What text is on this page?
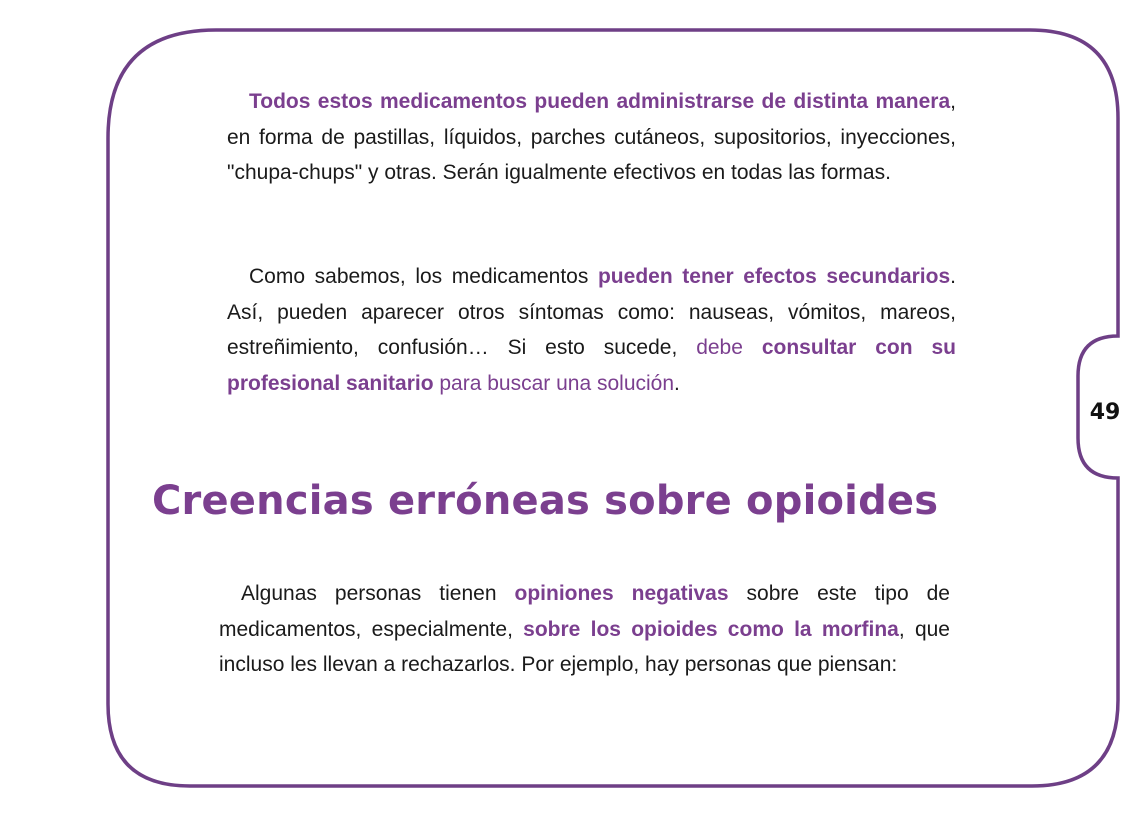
Todos estos medicamentos pueden administrarse de distinta manera, en forma de pastillas, líquidos, parches cutáneos, supositorios, inyecciones, "chupa-chups" y otras. Serán igualmente efectivos en todas las formas.

Como sabemos, los medicamentos pueden tener efectos secundarios. Así, pueden aparecer otros síntomas como: nauseas, vómitos, mareos, estreñimiento, confusión… Si esto sucede, debe consultar con su profesional sanitario para buscar una solución.

49
Creencias erróneas sobre opioides

Algunas personas tienen opiniones negativas sobre este tipo de medicamentos, especialmente, sobre los opioides como la morfina, que incluso les llevan a rechazarlos. Por ejemplo, hay personas que piensan:
